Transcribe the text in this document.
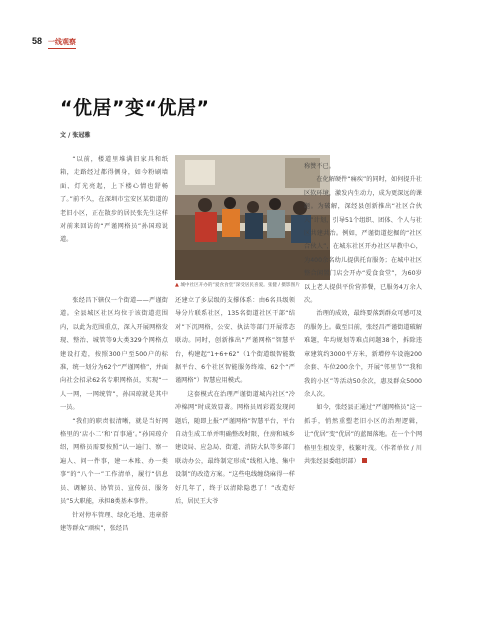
58 一线观察
“优居”变“优居”
文 / 张冠雅

“以前，楼道里堆满旧家具和纸箱，走路经过都得侧身，如今粉刷墙面、灯光亮起，上下楼心情也舒畅了。”前不久，在深圳市宝安区某街道的老旧小区，正在散步的居民张先生这样对前来回访的“严谨网格员”孙国琼说道。

▲ 城中社区开办的“爱食食堂”深受居民喜爱。张健 / 摄影图片

张经昌下辖仅一个街道——严谨街道。全县城区社区均位于该街道范围内，以此为范围重点，深入开展网格发现、整治、城管等9大类329个网格点建设打造，按照300户至500户的标准，统一划分为62个“严谨网格”，并面向社会招录62名专职网格员，实现“一人一网，一网统管”，孙国琼就是其中一员。

“我们的职责很清晰，就是当好网格里的‘店小二’和‘百事通’。”孙国琼介绍，网格员需要按照“认一遍门、察一遍人、问一件事，建一本账、办一类事”的“八个一”工作清单，履行“信息员、调解员、协管员、宣传员、服务员”5大职能，承担8类基本事件。

针对停车管理、绿化毛地、违章搭建等群众“顽疾”，张经昌

还建立了多层级的支撑体系：由6名具级领导分片联系社区，135名街道社区干部“结对”下沉网格，公安、执法等部门开展常态联动。同时，创新推出“严谨网格”智慧平台，构建起“1+6+62”（1个街道级智能数据平台、6个社区智能服务终端、62个“严谨网格”）智慧应用模式。

这套模式在治理严谨街道城内社区“冷冲棉网”时成效显著。网格员周彩霞发现问题后，随即上报“严谨网格”智慧平台，平台自动生成工单并明确整改时限，住房和城乡建设局、应急局、街道、消防大队等多部门联动办公，最终制定形成“线租入地、集中设制”的改造方案。“这些电线缠绕麻得一样好几年了，终于以清除隐患了！”改造好后，居民王大爷

称赞不已。

在化解硬件“痛疾”的同时，如何提升社区软环境，激发内生动力，成为更深远的课题。为破解，深经县创新推出“社区合伙人”计划，引导51个组织、团体、个人与社区共建共治。例如，严谨街道挖掘的“社区合伙人”，在城东社区开办社区早教中心，为400余名幼儿提供托育服务；在城中社区整合闲置门店会开办“爱食食堂”，为60岁以上老人提供平价营养餐，已服务4万余人次。

治理的成效，最终要落到群众可感可及的服务上。截至目前，张经昌严谨街道破解难题，年均规划等难点问题38个，拆除违章建筑约3000平方米，新增停车设施200余套、车位200余个，开展“邻里节”“我和我的小区”等活动50余次，惠及群众5000余人次。

如今，张经县正通过“严谨网格员”这一抓手，悄然重塑老旧小区的治理逻辑，让“优居”变“优居”的蓝图落地。在一个个网格里生根发芽，枝繁叶茂。（作者单位 / 川共张经县委组织部）
